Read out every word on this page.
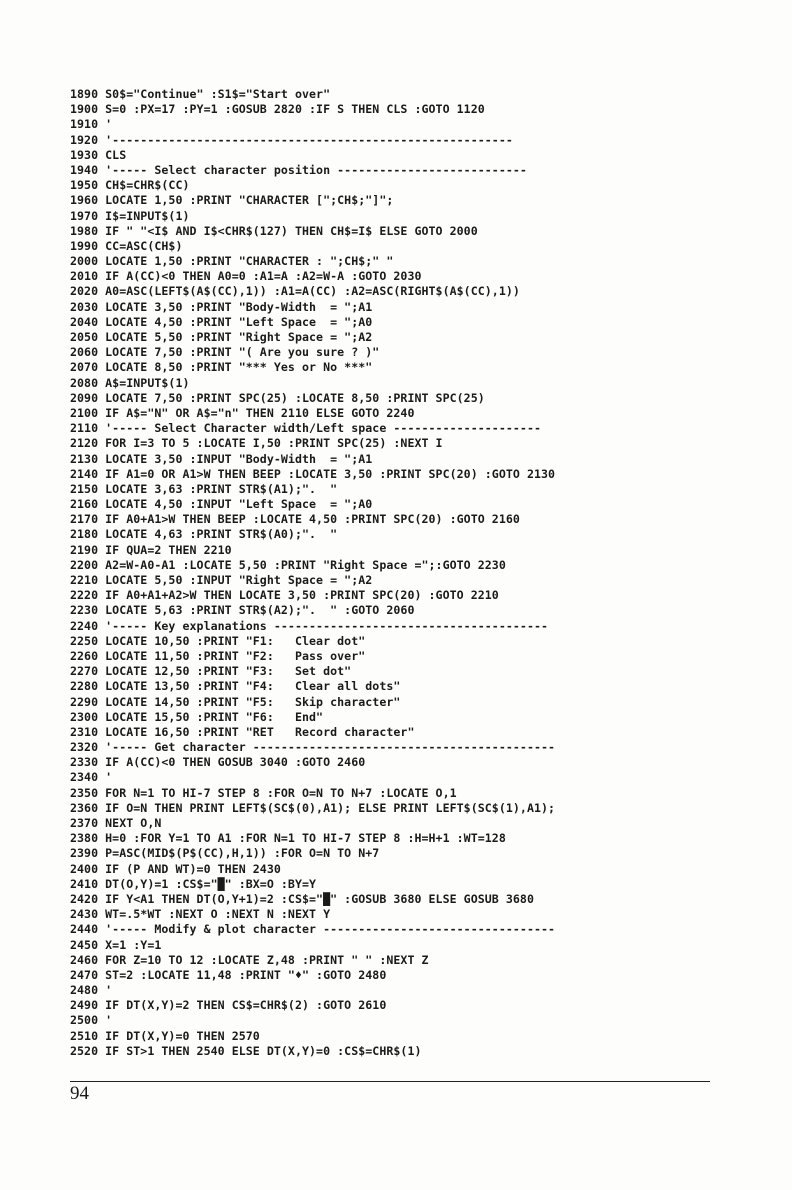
1890 S0$="Continue" :S1$="Start over"
1900 S=0 :PX=17 :PY=1 :GOSUB 2820 :IF S THEN CLS :GOTO 1120
1910 '
1920 '---------------------------------------------------------
1930 CLS
1940 '----- Select character position ---------------------------
1950 CH$=CHR$(CC)
1960 LOCATE 1,50 :PRINT "CHARACTER [";CH$;"]";
1970 I$=INPUT$(1)
1980 IF " "<I$ AND I$<CHR$(127) THEN CH$=I$ ELSE GOTO 2000
1990 CC=ASC(CH$)
2000 LOCATE 1,50 :PRINT "CHARACTER : ";CH$;" "
2010 IF A(CC)<0 THEN A0=0 :A1=A :A2=W-A :GOTO 2030
2020 A0=ASC(LEFT$(A$(CC),1)) :A1=A(CC) :A2=ASC(RIGHT$(A$(CC),1))
2030 LOCATE 3,50 :PRINT "Body-Width  = ";A1
2040 LOCATE 4,50 :PRINT "Left Space  = ";A0
2050 LOCATE 5,50 :PRINT "Right Space = ";A2
2060 LOCATE 7,50 :PRINT "( Are you sure ? )"
2070 LOCATE 8,50 :PRINT "*** Yes or No ***"
2080 A$=INPUT$(1)
2090 LOCATE 7,50 :PRINT SPC(25) :LOCATE 8,50 :PRINT SPC(25)
2100 IF A$="N" OR A$="n" THEN 2110 ELSE GOTO 2240
2110 '----- Select Character width/Left space ---------------------
2120 FOR I=3 TO 5 :LOCATE I,50 :PRINT SPC(25) :NEXT I
2130 LOCATE 3,50 :INPUT "Body-Width  = ";A1
2140 IF A1=0 OR A1>W THEN BEEP :LOCATE 3,50 :PRINT SPC(20) :GOTO 2130
2150 LOCATE 3,63 :PRINT STR$(A1);".  "
2160 LOCATE 4,50 :INPUT "Left Space  = ";A0
2170 IF A0+A1>W THEN BEEP :LOCATE 4,50 :PRINT SPC(20) :GOTO 2160
2180 LOCATE 4,63 :PRINT STR$(A0);".  "
2190 IF QUA=2 THEN 2210
2200 A2=W-A0-A1 :LOCATE 5,50 :PRINT "Right Space =";:GOTO 2230
2210 LOCATE 5,50 :INPUT "Right Space = ";A2
2220 IF A0+A1+A2>W THEN LOCATE 3,50 :PRINT SPC(20) :GOTO 2210
2230 LOCATE 5,63 :PRINT STR$(A2);".  " :GOTO 2060
2240 '----- Key explanations ---------------------------------------
2250 LOCATE 10,50 :PRINT "F1:   Clear dot"
2260 LOCATE 11,50 :PRINT "F2:   Pass over"
2270 LOCATE 12,50 :PRINT "F3:   Set dot"
2280 LOCATE 13,50 :PRINT "F4:   Clear all dots"
2290 LOCATE 14,50 :PRINT "F5:   Skip character"
2300 LOCATE 15,50 :PRINT "F6:   End"
2310 LOCATE 16,50 :PRINT "RET   Record character"
2320 '----- Get character -------------------------------------------
2330 IF A(CC)<0 THEN GOSUB 3040 :GOTO 2460
2340 '
2350 FOR N=1 TO HI-7 STEP 8 :FOR O=N TO N+7 :LOCATE O,1
2360 IF O=N THEN PRINT LEFT$(SC$(0),A1); ELSE PRINT LEFT$(SC$(1),A1);
2370 NEXT O,N
2380 H=0 :FOR Y=1 TO A1 :FOR N=1 TO HI-7 STEP 8 :H=H+1 :WT=128
2390 P=ASC(MID$(P$(CC),H,1)) :FOR O=N TO N+7
2400 IF (P AND WT)=0 THEN 2430
2410 DT(O,Y)=1 :CS$="█" :BX=O :BY=Y
2420 IF Y<A1 THEN DT(O,Y+1)=2 :CS$="█" :GOSUB 3680 ELSE GOSUB 3680
2430 WT=.5*WT :NEXT O :NEXT N :NEXT Y
2440 '----- Modify & plot character ---------------------------------
2450 X=1 :Y=1
2460 FOR Z=10 TO 12 :LOCATE Z,48 :PRINT " " :NEXT Z
2470 ST=2 :LOCATE 11,48 :PRINT "♦" :GOTO 2480
2480 '
2490 IF DT(X,Y)=2 THEN CS$=CHR$(2) :GOTO 2610
2500 '
2510 IF DT(X,Y)=0 THEN 2570
2520 IF ST>1 THEN 2540 ELSE DT(X,Y)=0 :CS$=CHR$(1)
94
